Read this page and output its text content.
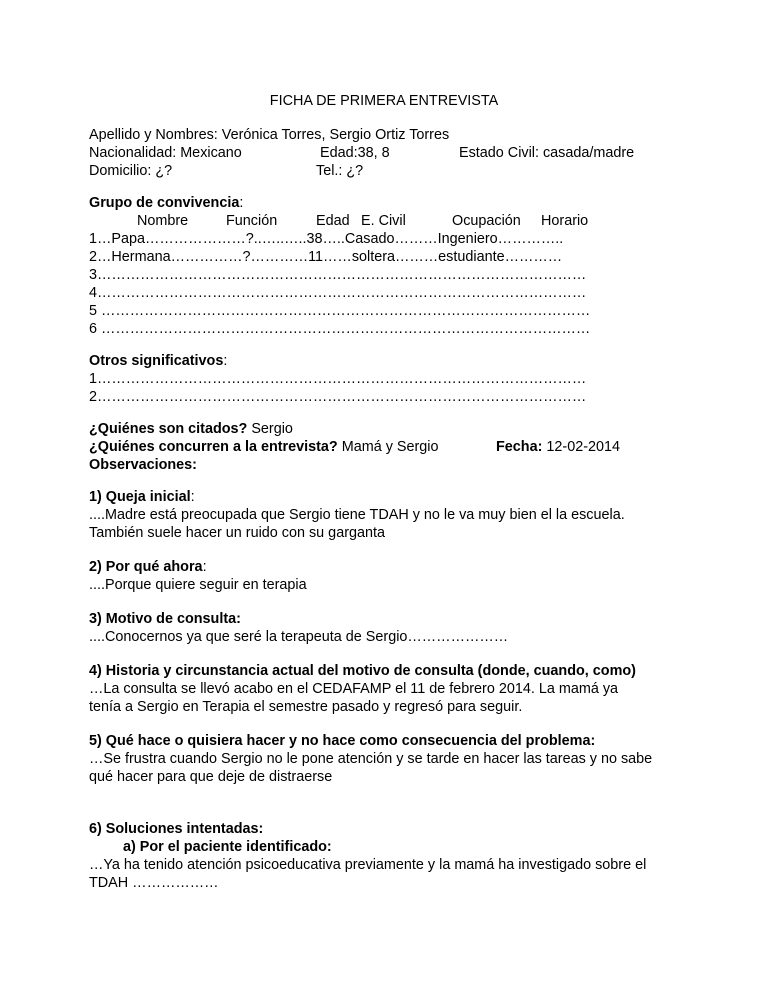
FICHA DE PRIMERA ENTREVISTA

Apellido y Nombres: Verónica Torres, Sergio Ortiz Torres

Nacionalidad: Mexicano	Edad:38, 8	Estado Civil: casada/madre

Domicilio: ¿?	Tel.: ¿?

Grupo de convivencia:

Nombre	Función	Edad E. Civil	Ocupación Horario

1…Papa…………………?..…..…..38…..Casado………Ingeniero…………..

2…Hermana……………?…………11……soltera………estudiante…………

3…………………………………………………………………………………………

4…………………………………………………………………………………………

5 …………………………………………………………………………………………

6 …………………………………………………………………………………………

Otros significativos:

1…………………………………………………………………………………………

2…………………………………………………………………………………………

¿Quiénes son citados? Sergio

¿Quiénes concurren a la entrevista? Mamá y Sergio	Fecha: 12-02-2014

Observaciones:

1) Queja inicial:

....Madre está preocupada que Sergio tiene TDAH y no le va muy bien el la escuela.

También suele hacer un ruido con su garganta

2) Por qué ahora:

....Porque quiere seguir en terapia

3) Motivo de consulta:

....Conocernos ya que seré la terapeuta de Sergio…………………

4) Historia y circunstancia actual del motivo de consulta (donde, cuando, como)

…La consulta se llevó acabo en el CEDAFAMP el 11 de febrero 2014. La mamá ya

tenía a Sergio en Terapia el semestre pasado y regresó para seguir.

5) Qué hace o quisiera hacer y no hace como consecuencia del problema:

…Se frustra cuando Sergio no le pone atención y se tarde en hacer las tareas y no sabe

qué hacer para que deje de distraerse

6) Soluciones intentadas:

a) Por el paciente identificado:

…Ya ha tenido atención psicoeducativa previamente y la mamá ha investigado sobre el

TDAH ………………
